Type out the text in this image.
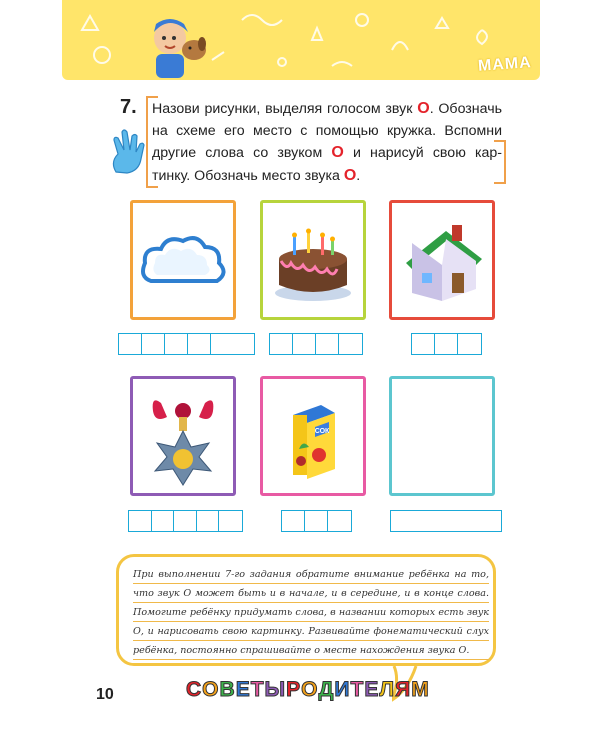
МАМА
7. Назови рисунки, выделяя голосом звук О. Обозначь на схеме его место с помощью кружка. Вспомни другие слова со звуком О и нарисуй свою кар- тинку. Обозначь место звука О.
СОК
При выполнении 7-го задания обратите внимание ребёнка на то, что звук О может быть и в начале, и в середине, и в конце слова. Помогите ребёнку придумать слова, в названии которых есть звук О, и нарисовать свою картинку. Развивайте фонематический слух ребёнка, постоянно спрашивайте о месте нахождения звука О.
10	СОВЕТЫРОДИТЕЛЯМ
